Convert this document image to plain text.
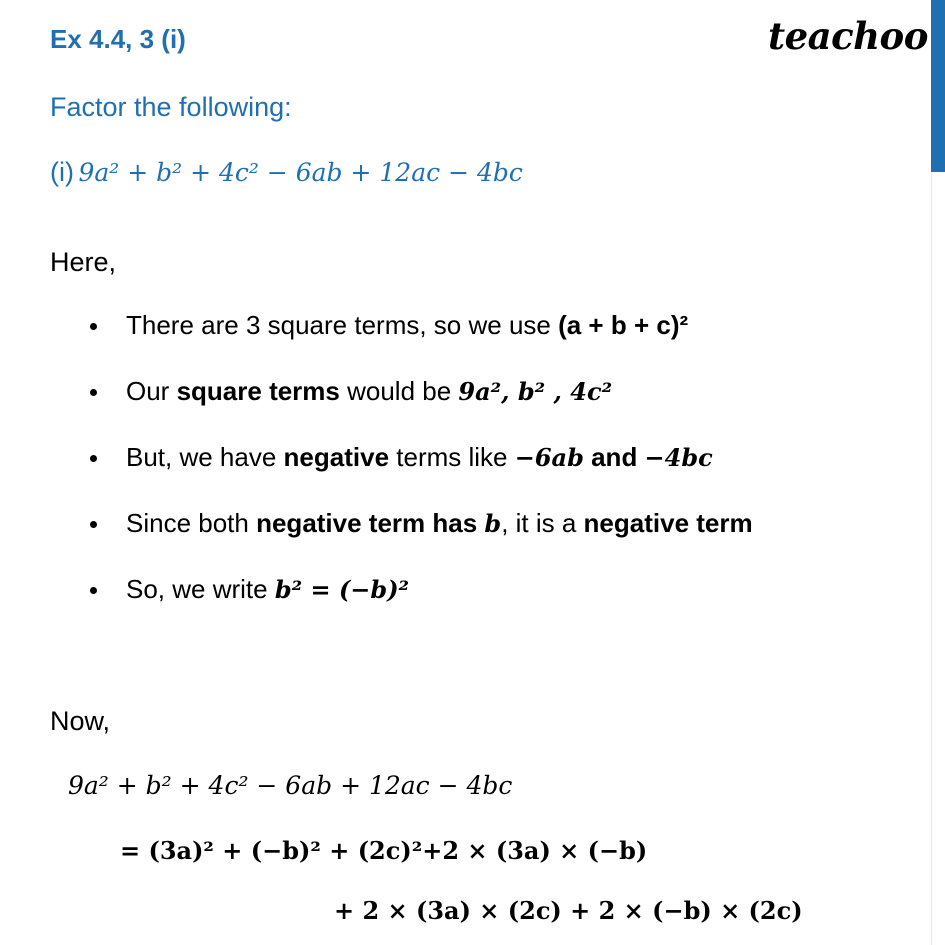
Ex 4.4, 3 (i)	teachoo
Factor the following:
(i) 9a² + b² + 4c² − 6ab + 12ac − 4bc
Here,
There are 3 square terms, so we use (a + b + c)²
Our square terms would be 9a², b² , 4c²
But, we have negative terms like −6ab and −4bc
Since both negative term has b, it is a negative term
So, we write b² = (−b)²
Now,
9a² + b² + 4c² − 6ab + 12ac − 4bc
= (3a)² + (−b)² + (2c)²+2 × (3a) × (−b)
+ 2 × (3a) × (2c) + 2 × (−b) × (2c)
